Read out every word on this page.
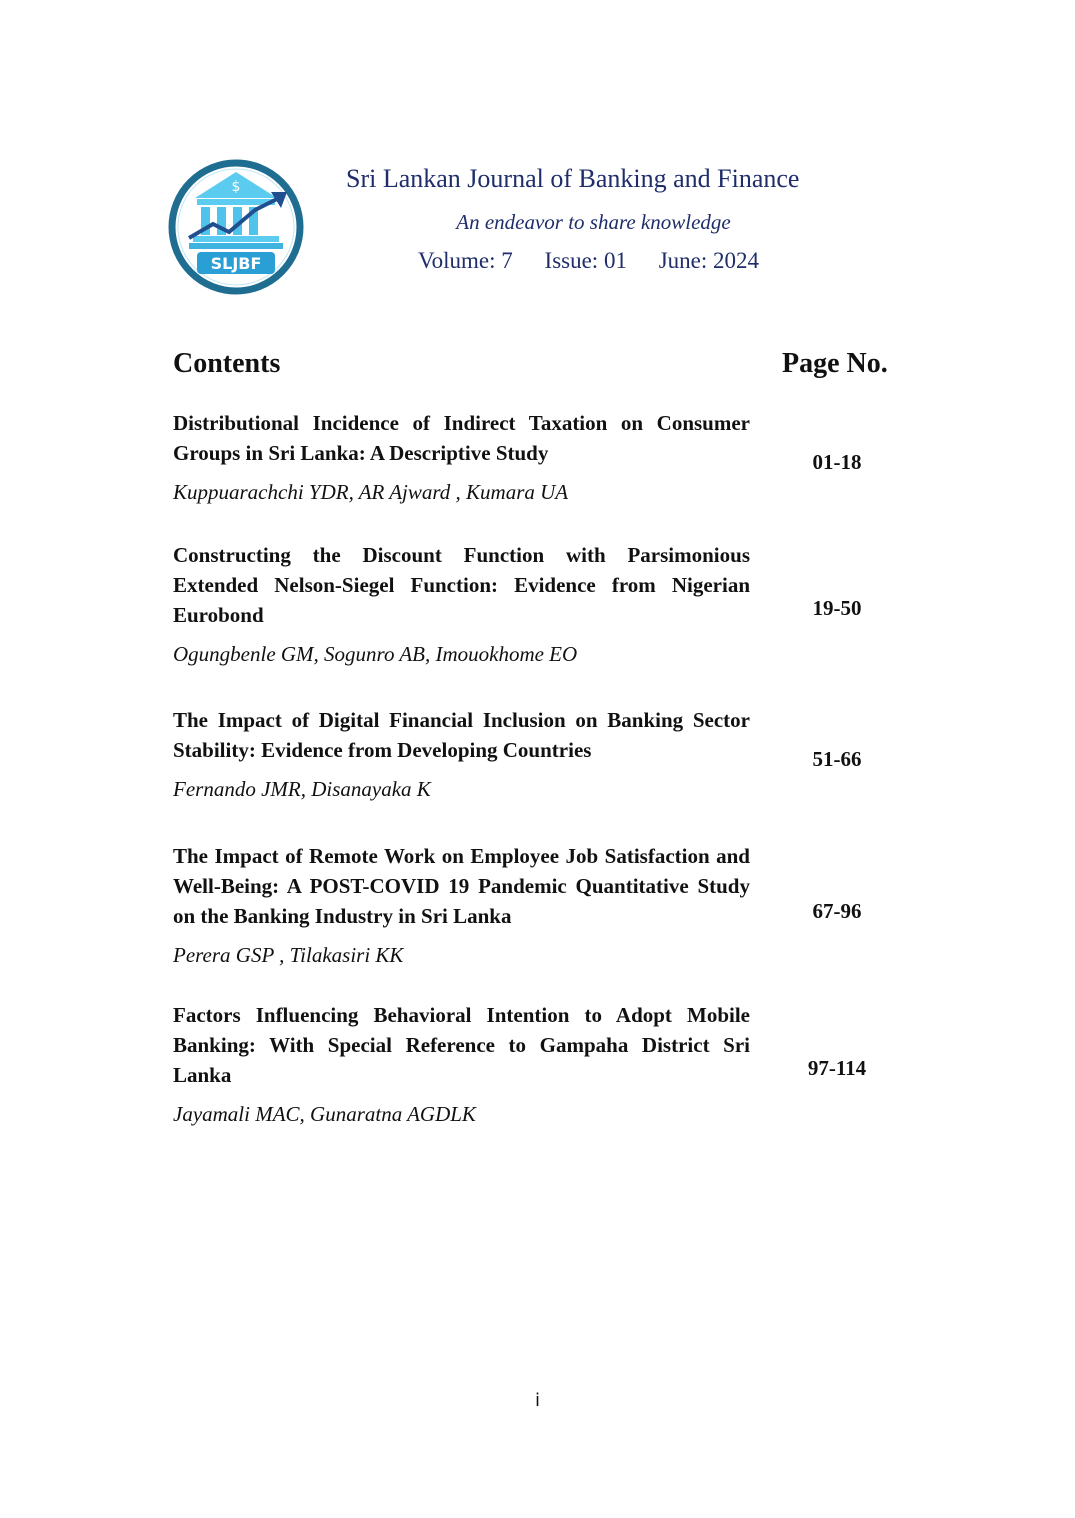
$
SLJBF
Sri Lankan Journal of Banking and Finance
An endeavor to share knowledge
Volume: 7 Issue: 01 June: 2024
Contents	Page No.
Distributional Incidence of Indirect Taxation on Consumer Groups in Sri Lanka: A Descriptive Study
Kuppuarachchi YDR, AR Ajward , Kumara UA
01-18
Constructing the Discount Function with Parsimonious Extended Nelson-Siegel Function: Evidence from Nigerian Eurobond
Ogungbenle GM, Sogunro AB, Imouokhome EO
19-50
The Impact of Digital Financial Inclusion on Banking Sector Stability: Evidence from Developing Countries
Fernando JMR, Disanayaka K
51-66
The Impact of Remote Work on Employee Job Satisfaction and Well-Being: A POST-COVID 19 Pandemic Quantitative Study on the Banking Industry in Sri Lanka
Perera GSP , Tilakasiri KK
67-96
Factors Influencing Behavioral Intention to Adopt Mobile Banking: With Special Reference to Gampaha District Sri Lanka
Jayamali MAC, Gunaratna AGDLK
97-114
i
